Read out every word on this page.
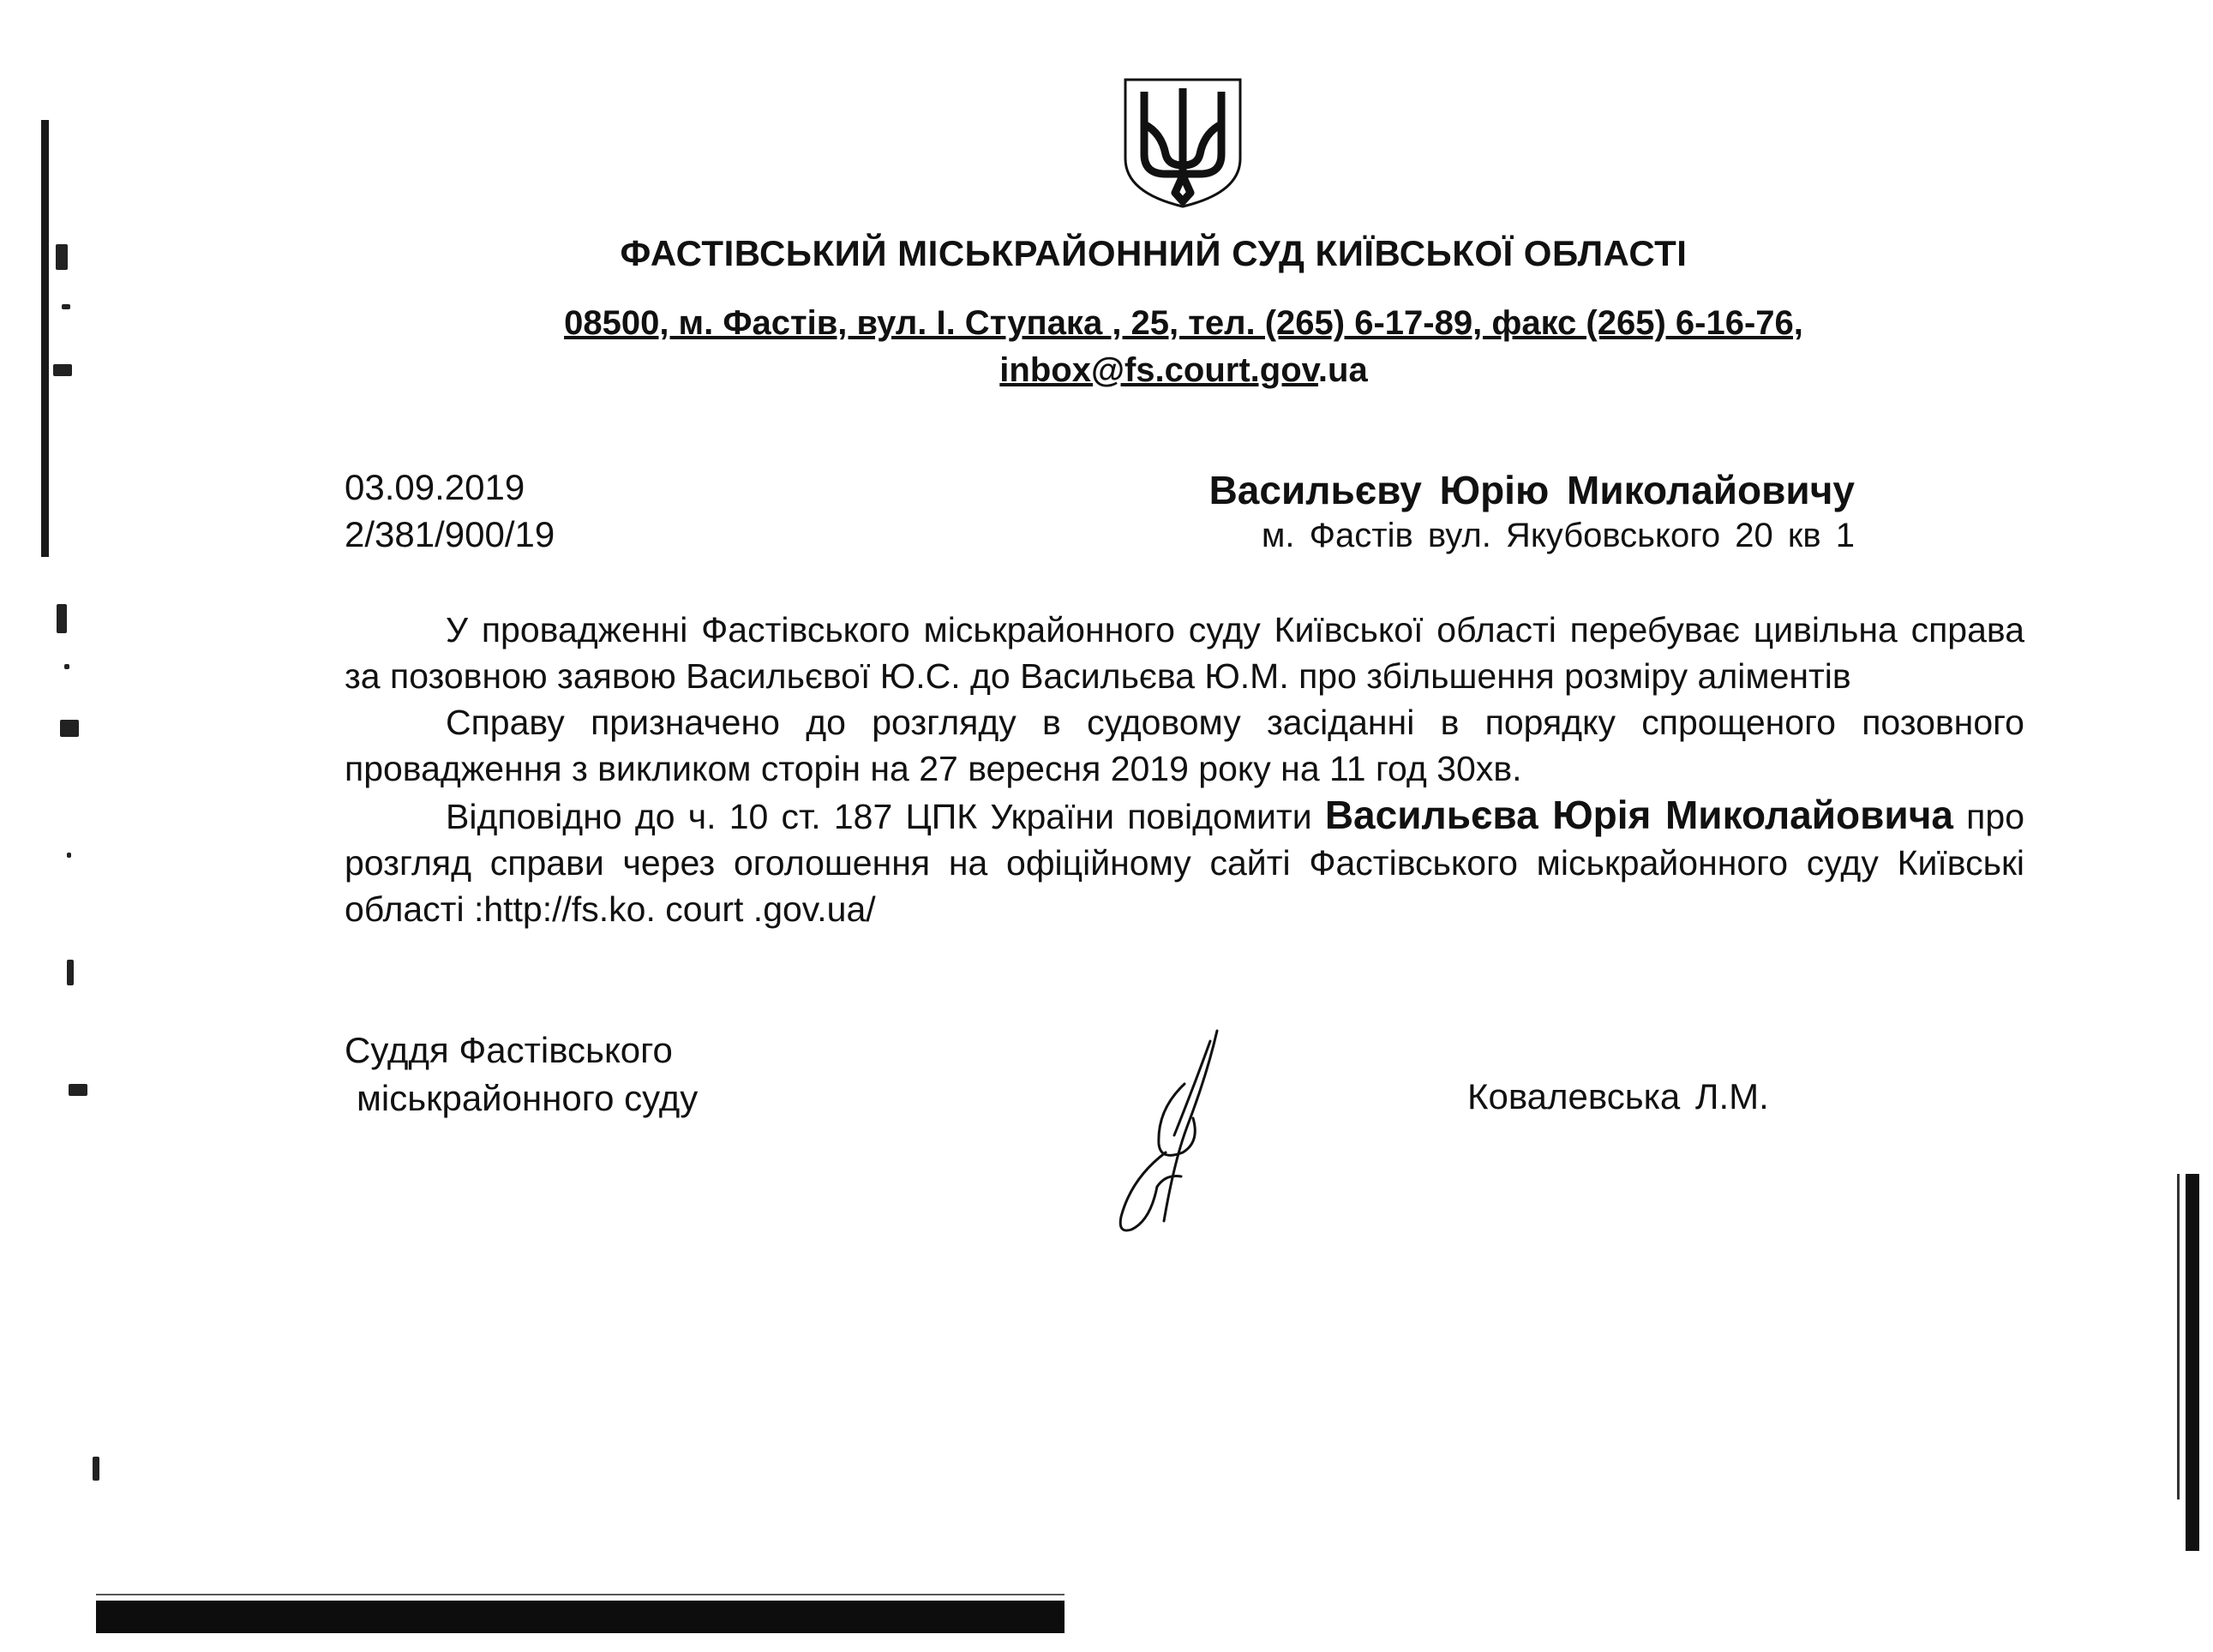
ФАСТІВСЬКИЙ МІСЬКРАЙОННИЙ СУД КИЇВСЬКОЇ ОБЛАСТІ
08500, м. Фастів, вул. І. Ступака , 25, тел. (265) 6-17-89, факс (265) 6-16-76,
inbox@fs.court.gov.ua
03.09.2019
2/381/900/19
Васильєву Юрію Миколайовичу
м. Фастів вул. Якубовського 20 кв 1

У провадженні Фастівського міськрайонного суду Київської області перебуває цивільна справа за позовною заявою Васильєвої Ю.С. до Васильєва Ю.М. про збільшення розміру аліментів

Справу призначено до розгляду в судовому засіданні в порядку спрощеного позовного провадження з викликом сторін на 27 вересня 2019 року на 11 год 30хв.

Відповідно до ч. 10 ст. 187 ЦПК України повідомити Васильєва Юрія Миколайовича про розгляд справи через оголошення на офіційному сайті Фастівського міськрайонного суду Київські області :http://fs.ko. court .gov.ua/

Суддя Фастівського
міськрайонного суду	Ковалевська Л.М.
